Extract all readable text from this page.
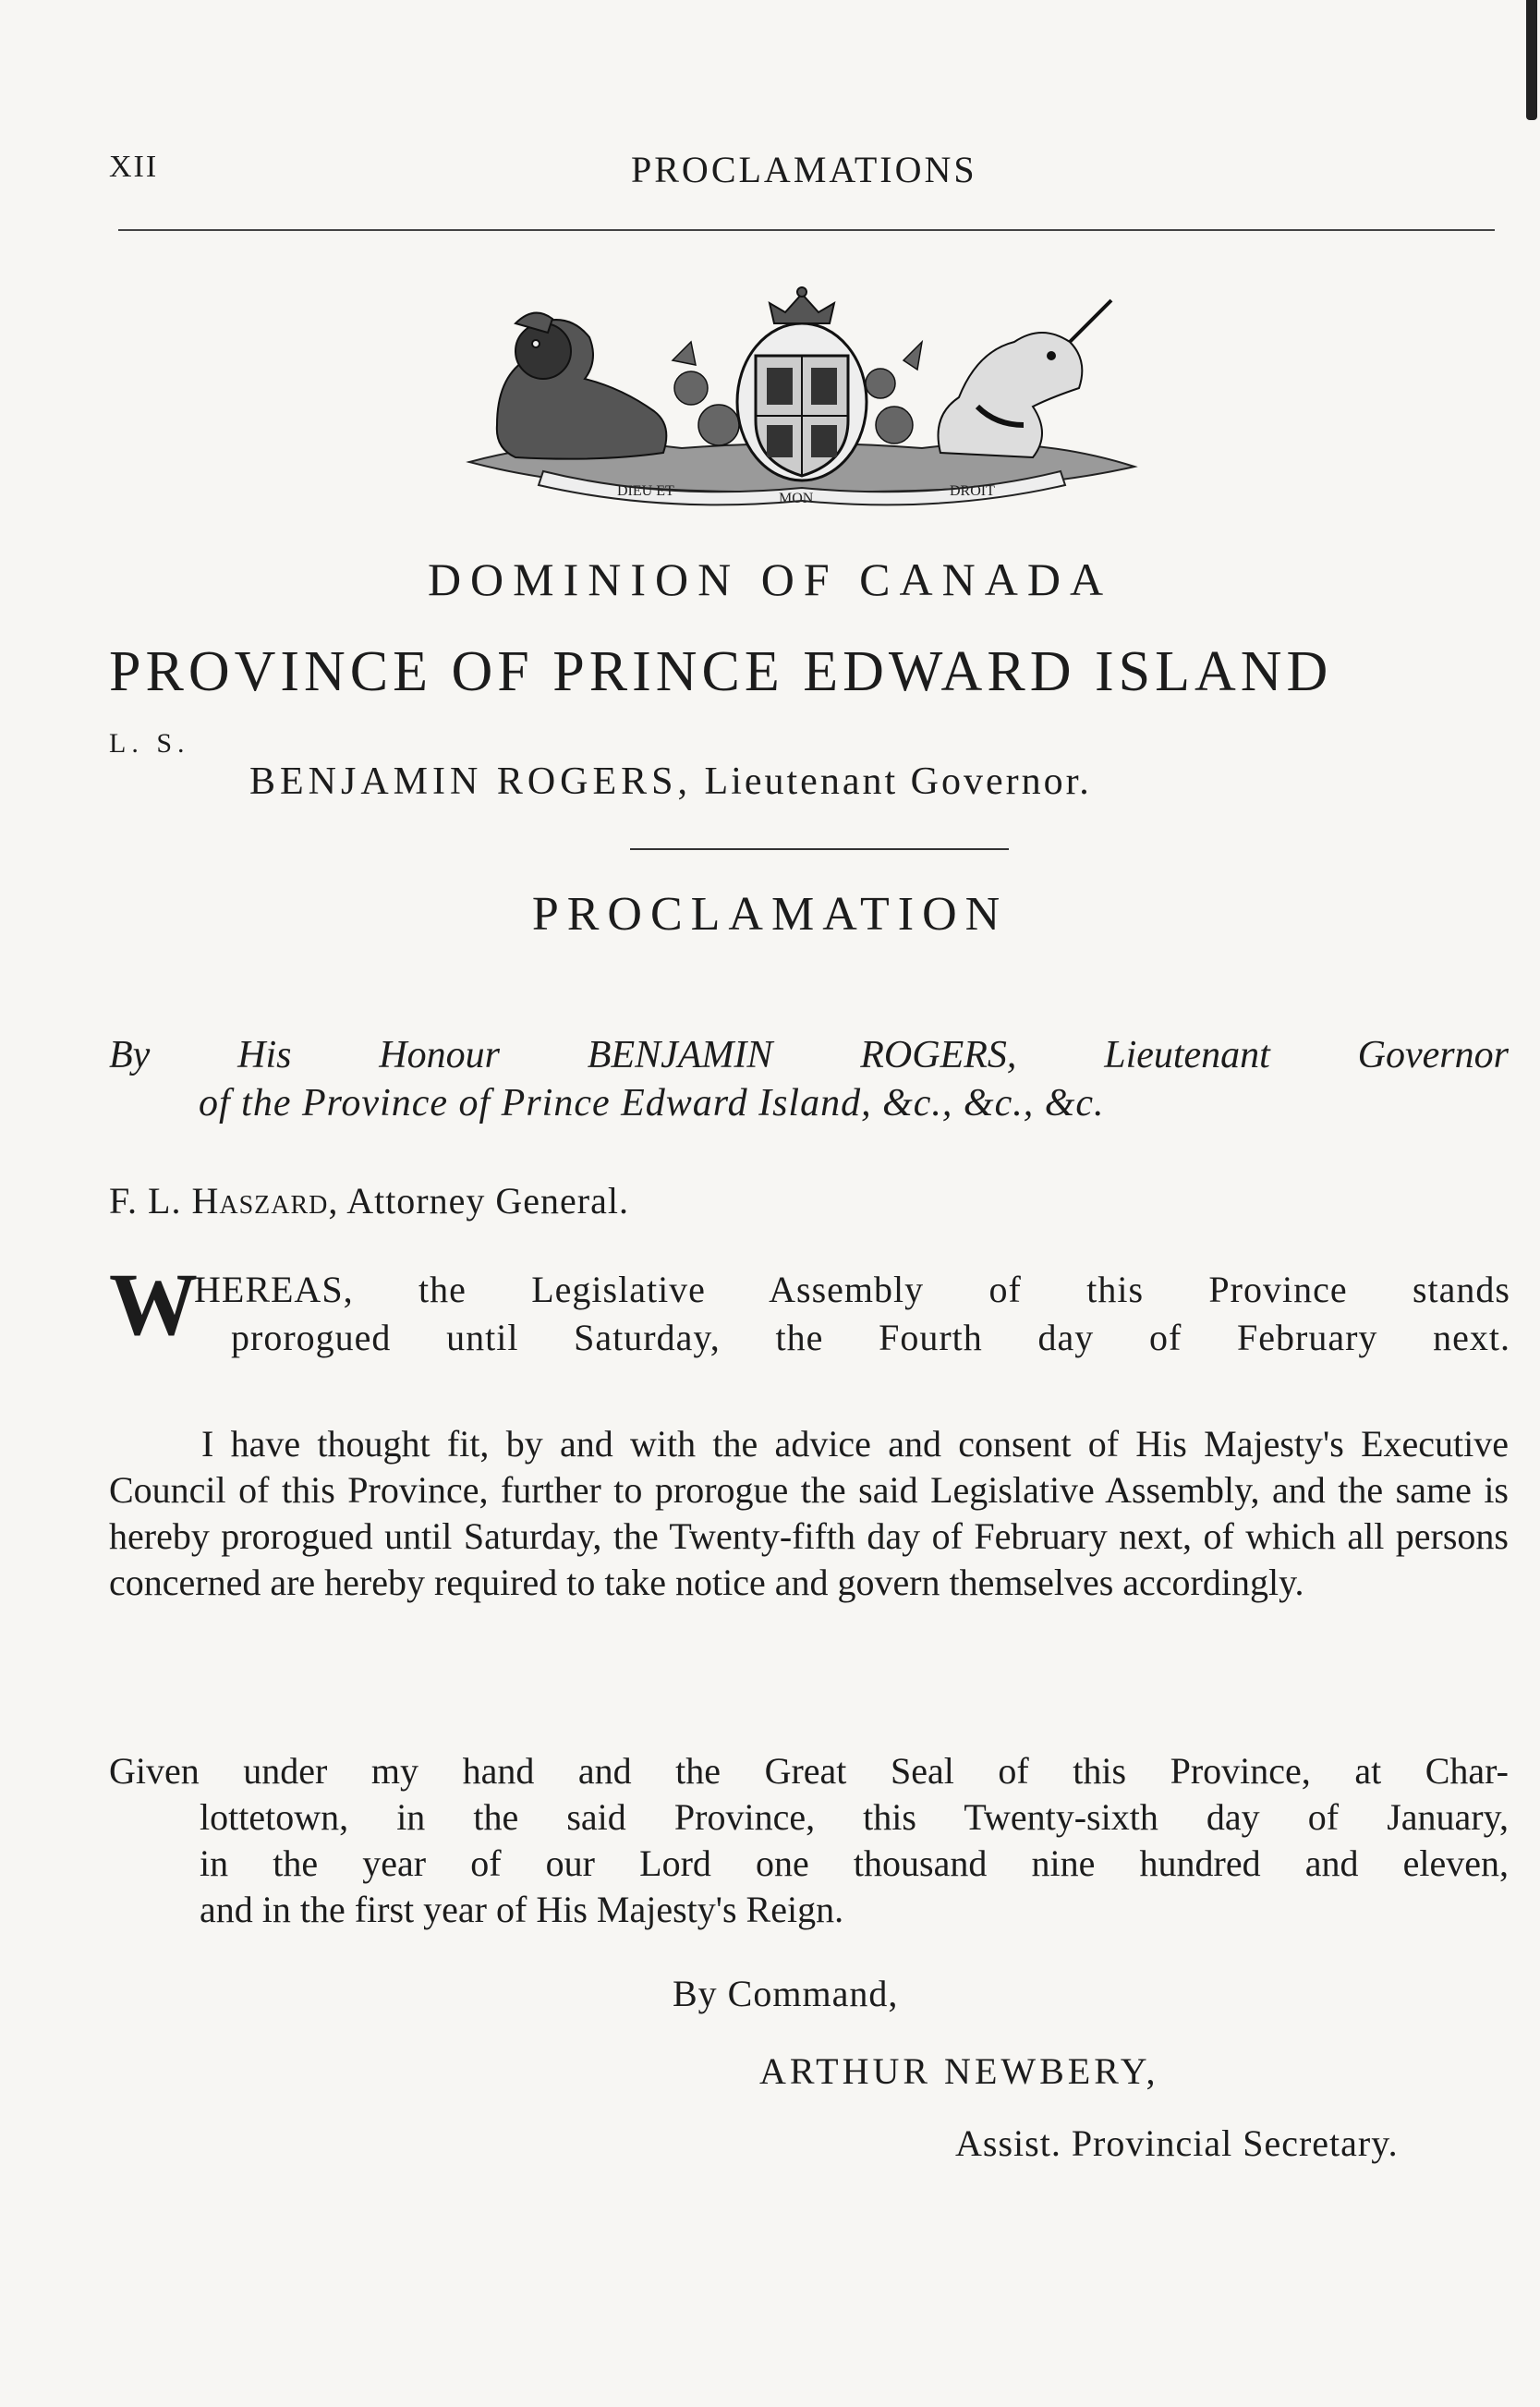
XII	PROCLAMATIONS
DIEU ET	MON	DROIT
DOMINION OF CANADA
PROVINCE OF PRINCE EDWARD ISLAND
L. S.
BENJAMIN ROGERS, Lieutenant Governor.
PROCLAMATION
By His Honour BENJAMIN ROGERS, Lieutenant Governor
of the Province of Prince Edward Island, &c., &c., &c.
F. L. Haszard, Attorney General.
W
HEREAS, the Legislative Assembly of this Province stands
prorogued until Saturday, the Fourth day of February next.
I have thought fit, by and with the advice and consent of His Majesty's Executive Council of this Province, further to prorogue the said Legislative Assembly, and the same is hereby prorogued until Saturday, the Twenty-fifth day of February next, of which all persons concerned are hereby required to take notice and govern themselves accordingly.
Given under my hand and the Great Seal of this Province, at Char-
lottetown, in the said Province, this Twenty-sixth day of January,
in the year of our Lord one thousand nine hundred and eleven,
and in the first year of His Majesty's Reign.
By Command,
ARTHUR NEWBERY,
Assist. Provincial Secretary.
